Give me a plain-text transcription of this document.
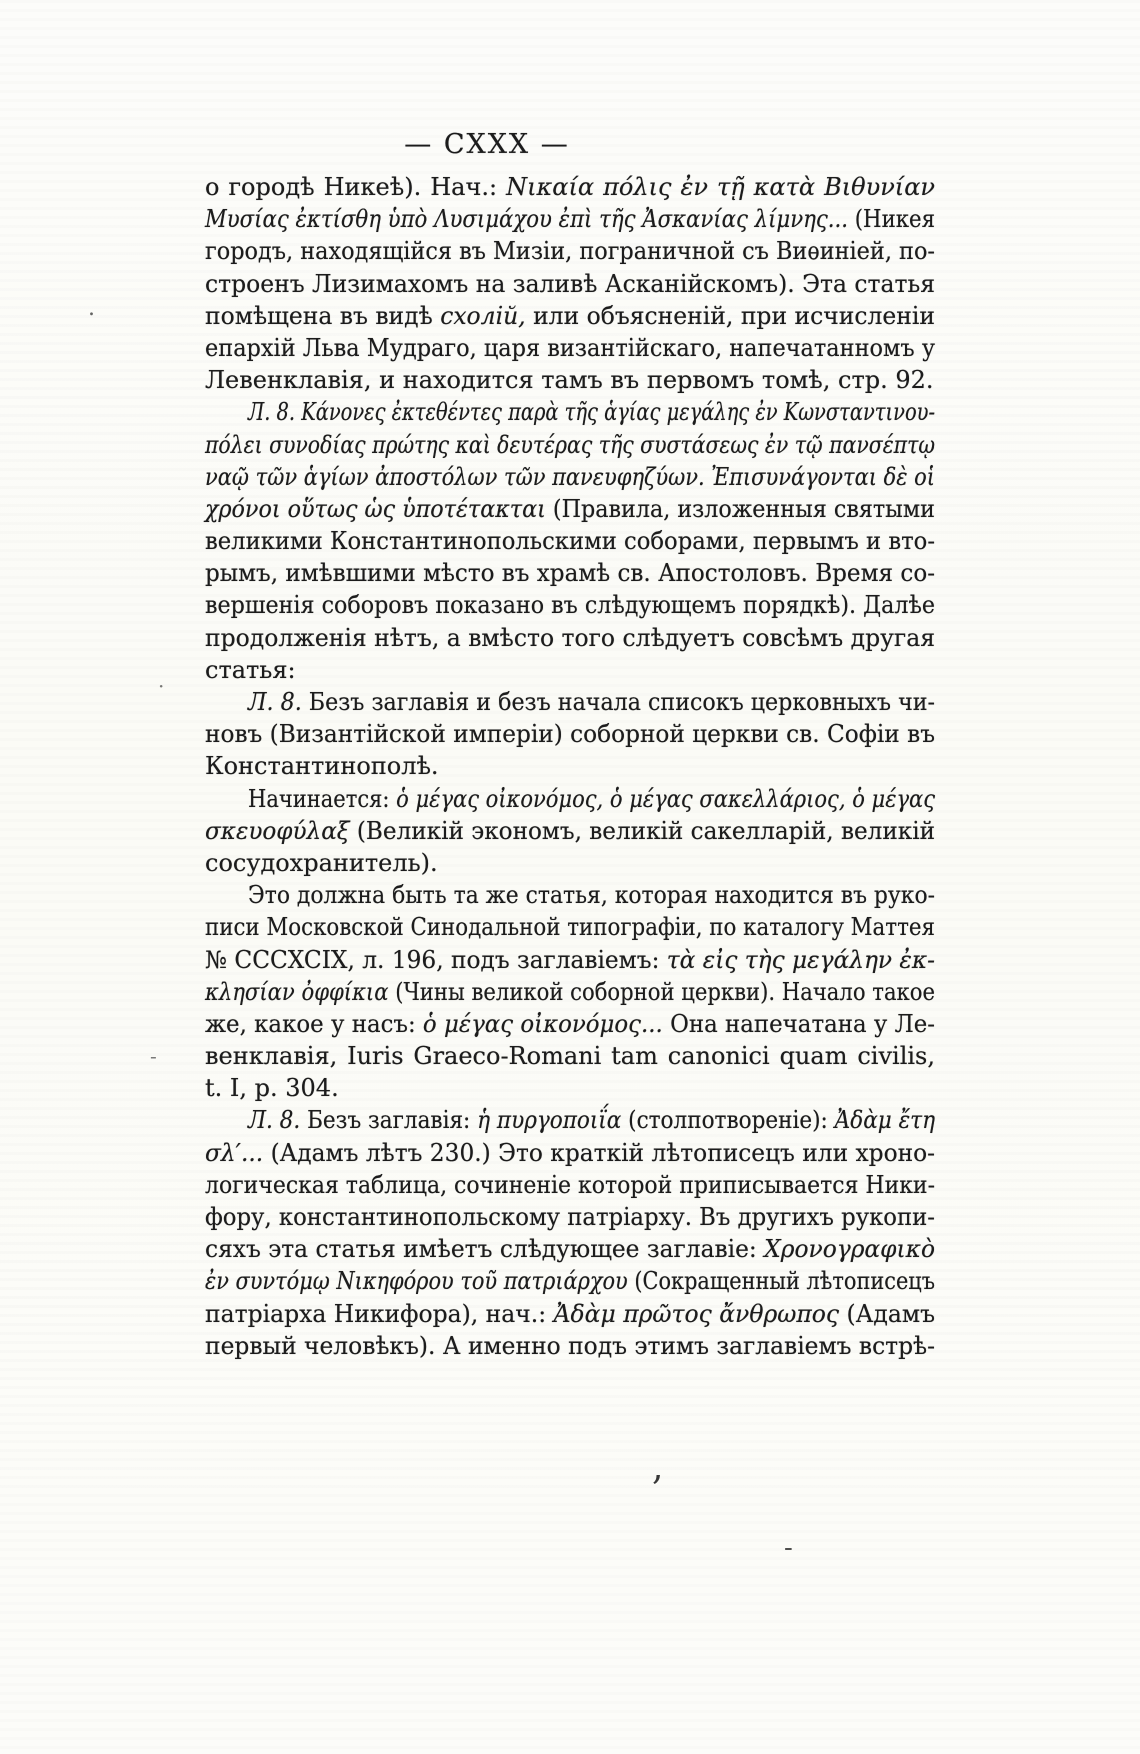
— CXXX —
о городѣ Никеѣ). Нач.: Νικαία πόλις ἐν τῇ κατὰ Βιθυνίαν
Μυσίας ἐκτίσθη ὑπὸ Λυσιμάχου ἐπὶ τῆς Ἀσκανίας λίμνης... (Никея
городъ, находящійся въ Мизіи, пограничной съ Виѳиніей, по-
строенъ Лизимахомъ на заливѣ Асканійскомъ). Эта статья
помѣщена въ видѣ схолій, или объясненій, при исчисленіи
епархій Льва Мудраго, царя византійскаго, напечатанномъ у
Левенклавія, и находится тамъ въ первомъ томѣ, стр. 92.
Л. 8. Κάνονες ἐκτεθέντες παρὰ τῆς ἁγίας μεγάλης ἐν Κωνσταντινου-
πόλει συνοδίας πρώτης καὶ δευτέρας τῆς συστάσεως ἐν τῷ πανσέπτῳ
ναῷ τῶν ἁγίων ἀποστόλων τῶν πανευφηζύων. Ἐπισυνάγονται δὲ οἱ
χρόνοι οὕτως ὡς ὑποτέτακται (Правила, изложенныя святыми
великими Константинопольскими соборами, первымъ и вто-
рымъ, имѣвшими мѣсто въ храмѣ св. Апостоловъ. Время со-
вершенія соборовъ показано въ слѣдующемъ порядкѣ). Далѣе
продолженія нѣтъ, а вмѣсто того слѣдуетъ совсѣмъ другая
статья:
Л. 8. Безъ заглавія и безъ начала списокъ церковныхъ чи-
новъ (Византійской имперіи) соборной церкви св. Софіи въ
Константинополѣ.
Начинается: ὁ μέγας οἰκονόμος, ὁ μέγας σακελλάριος, ὁ μέγας
σκευοφύλαξ (Великій экономъ, великій сакелларій, великій
сосудохранитель).
Это должна быть та же статья, которая находится въ руко-
писи Московской Синодальной типографіи, по каталогу Маттея
№ CCCXCIX, л. 196, подъ заглавіемъ: τὰ εἰς τὴς μεγάλην ἐκ-
κλησίαν ὀφφίκια (Чины великой соборной церкви). Начало такое
же, какое у насъ: ὁ μέγας οἰκονόμος... Она напечатана у Ле-
венклавія, Iuris Graeco-Romani tam canonici quam civilis,
t. I, p. 304.
Л. 8. Безъ заглавія: ἡ πυργοποιΐα (столпотвореніе): Ἀδὰμ ἔτη
σλ′... (Адамъ лѣтъ 230.) Это краткій лѣтописецъ или хроно-
логическая таблица, сочиненіе которой приписывается Ники-
фору, константинопольскому патріарху. Въ другихъ рукопи-
сяхъ эта статья имѣетъ слѣдующее заглавіе: Χρονογραφικὸ
ἐν συντόμῳ Νικηφόρου τοῦ πατριάρχου (Сокращенный лѣтописецъ
патріарха Никифора), нач.: Ἀδὰμ πρῶτος ἄνθρωπος (Адамъ
первый человѣкъ). А именно подъ этимъ заглавіемъ встрѣ-
,
-
.
·
-
